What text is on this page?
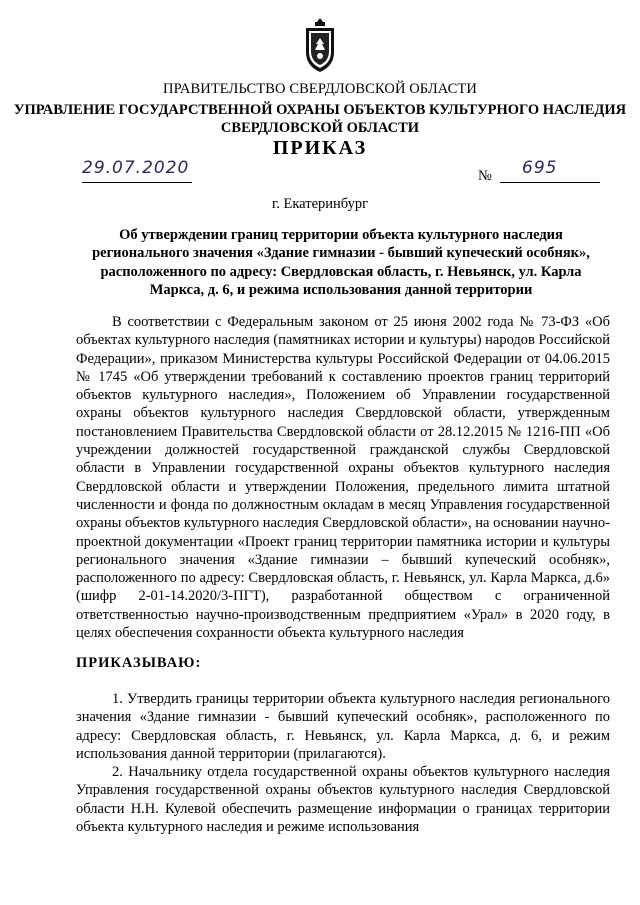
ПРАВИТЕЛЬСТВО СВЕРДЛОВСКОЙ ОБЛАСТИ
УПРАВЛЕНИЕ ГОСУДАРСТВЕННОЙ ОХРАНЫ ОБЪЕКТОВ КУЛЬТУРНОГО НАСЛЕДИЯ
СВЕРДЛОВСКОЙ ОБЛАСТИ
ПРИКАЗ
29.07.2020	№ 695
г. Екатеринбург
Об утверждении границ территории объекта культурного наследия регионального значения «Здание гимназии - бывший купеческий особняк», расположенного по адресу: Свердловская область, г. Невьянск, ул. Карла Маркса, д. 6, и режима использования данной территории
В соответствии с Федеральным законом от 25 июня 2002 года № 73-ФЗ «Об объектах культурного наследия (памятниках истории и культуры) народов Российской Федерации», приказом Министерства культуры Российской Федерации от 04.06.2015 № 1745 «Об утверждении требований к составлению проектов границ территорий объектов культурного наследия», Положением об Управлении государственной охраны объектов культурного наследия Свердловской области, утвержденным постановлением Правительства Свердловской области от 28.12.2015 № 1216-ПП «Об учреждении должностей государственной гражданской службы Свердловской области в Управлении государственной охраны объектов культурного наследия Свердловской области и утверждении Положения, предельного лимита штатной численности и фонда по должностным окладам в месяц Управления государственной охраны объектов культурного наследия Свердловской области», на основании научно-проектной документации «Проект границ территории памятника истории и культуры регионального значения «Здание гимназии – бывший купеческий особняк», расположенного по адресу: Свердловская область, г. Невьянск, ул. Карла Маркса, д.6» (шифр 2-01-14.2020/3-ПГТ), разработанной обществом с ограниченной ответственностью научно-производственным предприятием «Урал» в 2020 году, в целях обеспечения сохранности объекта культурного наследия
ПРИКАЗЫВАЮ:
1. Утвердить границы территории объекта культурного наследия регионального значения «Здание гимназии - бывший купеческий особняк», расположенного по адресу: Свердловская область, г. Невьянск, ул. Карла Маркса, д. 6, и режим использования данной территории (прилагаются).
2. Начальнику отдела государственной охраны объектов культурного наследия Управления государственной охраны объектов культурного наследия Свердловской области Н.Н. Кулевой обеспечить размещение информации о границах территории объекта культурного наследия и режиме использования
